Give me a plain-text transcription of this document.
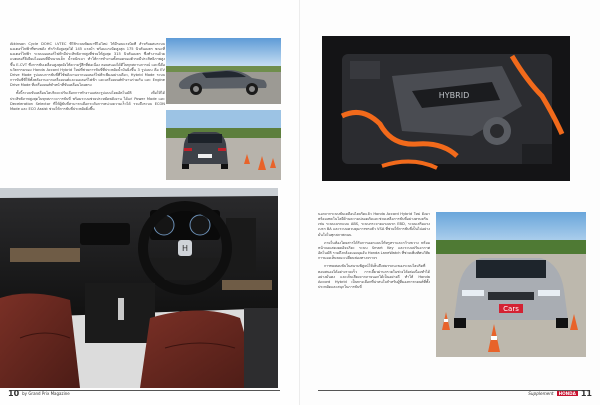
Atkinson Cycle DOHC i-VTEC ที่ใช้ระบบพัฒนาที่ไม่ใหม่ ให้มีรอบแรงบิดที่ สำหรับผสมระบบมอเตอร์ไฟฟ้าที่ทรงพลัง ทำกำลังสูงสุดได้ 145 แรงม้า พร้อมแรงบิดสูงสุด 175 นิวตันเมตร ขณะที่มอเตอร์ไฟฟ้า ระบบมอเตอร์ไฟฟ้ามีประสิทธิภาพสูงที่ช่วยให้สูงสุด 315 นิวตันเมตร ซึ่งทำงานด้วยแบตเตอรี่ลิเธียมไอออนที่มีขนาดเล็ก น้ำหนักเบา ทำให้การทำงานทั้งหมดของตัวรถมีประสิทธิภาพสูงขึ้น E-CVT ซึ่งการขับเคลื่อนสูงสุดยังให้ความรู้สึกที่ต่อเนื่อง ตอบสนองได้ดีในทุกสถานการณ์ และนี่คือนวัตกรรมของ Honda Accord Hybrid ใหม่ที่ช่วยการขับขี่ที่ประหยัดน้ำมันยิ่งขึ้น 3 รูปแบบ คือ EV Drive Mode รูปแบบการขับขี่ที่ใช้พลังงานจากมอเตอร์ไฟฟ้าเพียงอย่างเดียว, Hybrid Mode ระบบการขับขี่ที่ใช้ทั้งพลังงานจากเครื่องยนต์และมอเตอร์ไฟฟ้า และเครื่องยนต์ทำงานร่วมกัน และ Engine Drive Mode ที่เครื่องยนต์ทำหน้าที่ขับเคลื่อนโดยตรง

ทั้งนี้ระบบขับเคลื่อนไฮบริดจะปรับเลือกการทำงานแต่ละรูปแบบโดยอัตโนมัติ เพื่อให้ได้ประสิทธิภาพสูงสุดในทุกสภาวะการขับขี่ พร้อมระบบช่วยประหยัดพลังงาน ได้แก่ Power Mode และ Deceleration Selector ที่ให้ผู้ขับขี่สามารถเลือกระดับการหน่วงความเร็วได้ รวมถึงระบบ ECON Mode และ ECO Assist ช่วยให้การขับขี่ประหยัดยิ่งขึ้น

H
10 by Grand Prix Magazine
HYBRID

นอกจากระบบขับเคลื่อนไฮบริดแล้ว Honda Accord Hybrid ใหม่ ยังมาพร้อมเทคโนโลยีด้านความปลอดภัยและช่วยเหลือการขับขี่อย่างครบครัน เช่น ระบบเบรกแบบ ABS, ระบบกระจายแรงเบรก EBD, ระบบเสริมแรงเบรก BA และระบบควบคุมการทรงตัว VSA ที่ช่วยให้การขับขี่เป็นไปอย่างมั่นใจในทุกสภาพถนน

ภายในห้องโดยสารได้รับการออกแบบให้หรูหราและกว้างขวาง พร้อมหน้าจอแสดงผลอัจฉริยะ ระบบ Smart Key และระบบปรับอากาศอัตโนมัติ รวมถึงกล้องมองมุมอับ Honda LaneWatch ที่ช่วยเพิ่มทัศนวิสัยการมองเห็นขณะเปลี่ยนช่องทางจราจร

การทดสอบขับในสนามพิสูจน์ให้เห็นถึงสมรรถนะของระบบไฮบริดที่ตอบสนองได้อย่างรวดเร็ว การเลี้ยวผ่านกรวยในช่วงโค้งต่อเนื่องทำได้อย่างมั่นคง และเก็บเสียงจากภายนอกได้เป็นอย่างดี ทำให้ Honda Accord Hybrid เป็นทางเลือกที่น่าสนใจสำหรับผู้ที่มองหารถยนต์ที่ทั้งประหยัดและสนุกในการขับขี่

Cars
Supplement	HONDA 11
